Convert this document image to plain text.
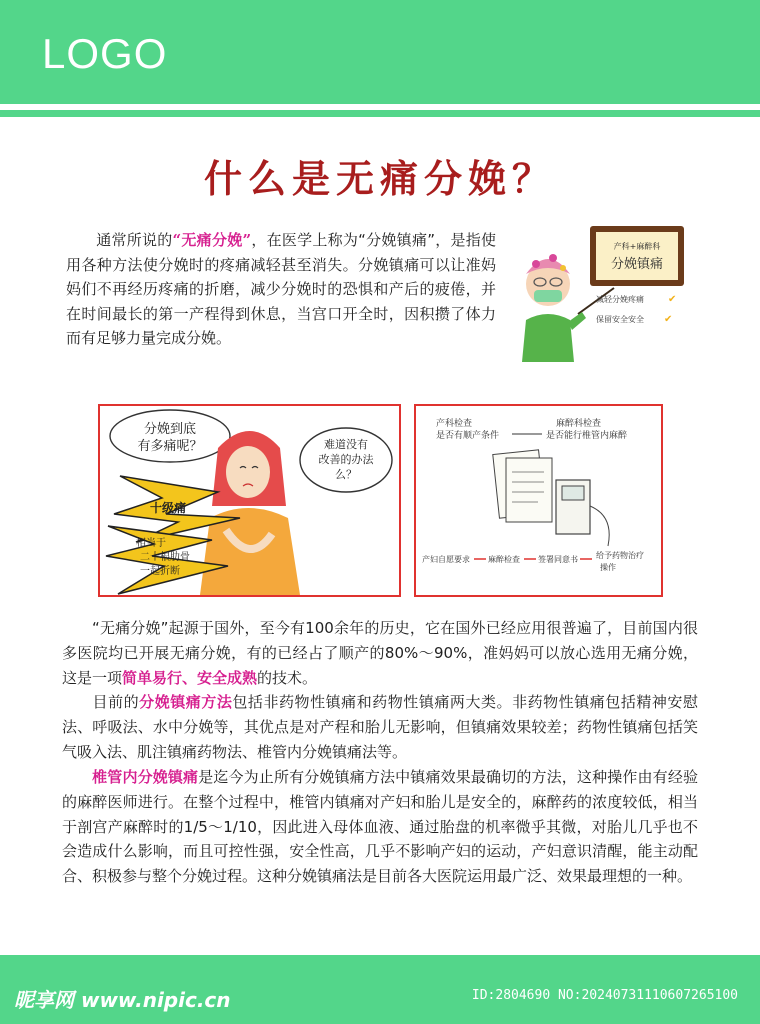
LOGO
什么是无痛分娩？
通常所说的“无痛分娩”，在医学上称为“分娩镇痛”，是指使用各种方法使分娩时的疼痛减轻甚至消失。分娩镇痛可以让准妈妈们不再经历疼痛的折磨，减少分娩时的恐惧和产后的疲倦，并在时间最长的第一产程得到休息，当宫口开全时，因积攒了体力而有足够力量完成分娩。
产科+麻醉科
分娩镇痛
减轻分娩疼痛 ✔
保留安全安全 ✔
分娩到底
有多痛呢？
十级痛
相当于
二十根肋骨
一起折断
难道没有
改善的办法
么？
产科检查
是否有顺产条件
麻醉科检查
是否能行椎管内麻醉
产妇自愿要求 麻醉检查 签署同意书 给予药物治疗
操作
“无痛分娩”起源于国外，至今有100余年的历史，它在国外已经应用很普遍了，目前国内很多医院均已开展无痛分娩，有的已经占了顺产的80%～90%，准妈妈可以放心选用无痛分娩，这是一项简单易行、安全成熟的技术。
目前的分娩镇痛方法包括非药物性镇痛和药物性镇痛两大类。非药物性镇痛包括精神安慰法、呼吸法、水中分娩等，其优点是对产程和胎儿无影响，但镇痛效果较差；药物性镇痛包括笑气吸入法、肌注镇痛药物法、椎管内分娩镇痛法等。
椎管内分娩镇痛是迄今为止所有分娩镇痛方法中镇痛效果最确切的方法，这种操作由有经验的麻醉医师进行。在整个过程中，椎管内镇痛对产妇和胎儿是安全的，麻醉药的浓度较低，相当于剖宫产麻醉时的1/5～1/10，因此进入母体血液、通过胎盘的机率微乎其微，对胎儿几乎也不会造成什么影响，而且可控性强，安全性高，几乎不影响产妇的运动，产妇意识清醒，能主动配合、积极参与整个分娩过程。这种分娩镇痛法是目前各大医院运用最广泛、效果最理想的一种。
昵享网 www.nipic.cn	ID:2804690 NO:20240731110607265100
